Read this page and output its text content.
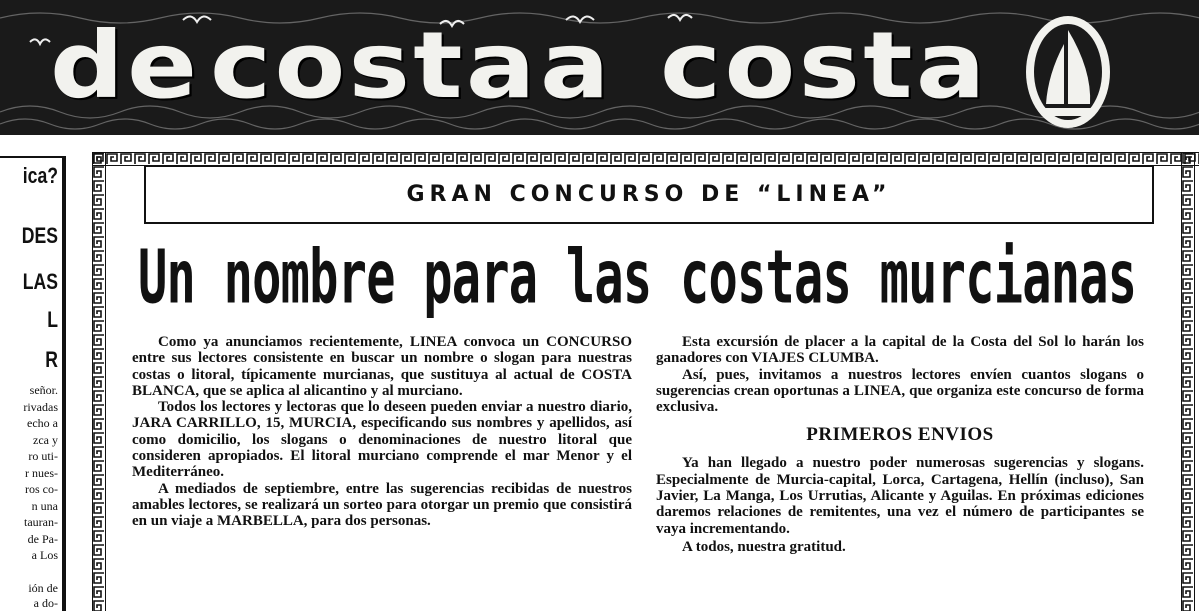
de costa a costa
ica?
DES
LAS
L
R
señor.
rivadas
echo a
zca y
ro uti-
r nues-
ros co-
n una
tauran-
de Pa-
a Los
ión de
a do-
GRAN CONCURSO DE “LINEA”
Un nombre para las costas murcianas

Como ya anunciamos recientemente, LINEA convoca un CONCURSO entre sus lectores consistente en buscar un nombre o slogan para nuestras costas o litoral, típicamente murcianas, que sustituya al actual de COSTA BLANCA, que se aplica al alicantino y al murciano.

Todos los lectores y lectoras que lo deseen pueden enviar a nuestro diario, JARA CARRILLO, 15, MURCIA, especificando sus nombres y apellidos, así como domicilio, los slogans o denominaciones de nuestro litoral que consideren apropiados. El litoral murciano comprende el mar Menor y el Mediterráneo.

A mediados de septiembre, entre las sugerencias recibidas de nuestros amables lectores, se realizará un sorteo para otorgar un premio que consistirá en un viaje a MARBELLA, para dos personas.

Esta excursión de placer a la capital de la Costa del Sol lo harán los ganadores con VIAJES CLUMBA.

Así, pues, invitamos a nuestros lectores envíen cuantos slogans o sugerencias crean oportunas a LINEA, que organiza este concurso de forma exclusiva.

PRIMEROS ENVIOS

Ya han llegado a nuestro poder numerosas sugerencias y slogans. Especialmente de Murcia-capital, Lorca, Cartagena, Hellín (incluso), San Javier, La Manga, Los Urrutias, Alicante y Aguilas. En próximas ediciones daremos relaciones de remitentes, una vez el número de participantes se vaya incrementando.

A todos, nuestra gratitud.
